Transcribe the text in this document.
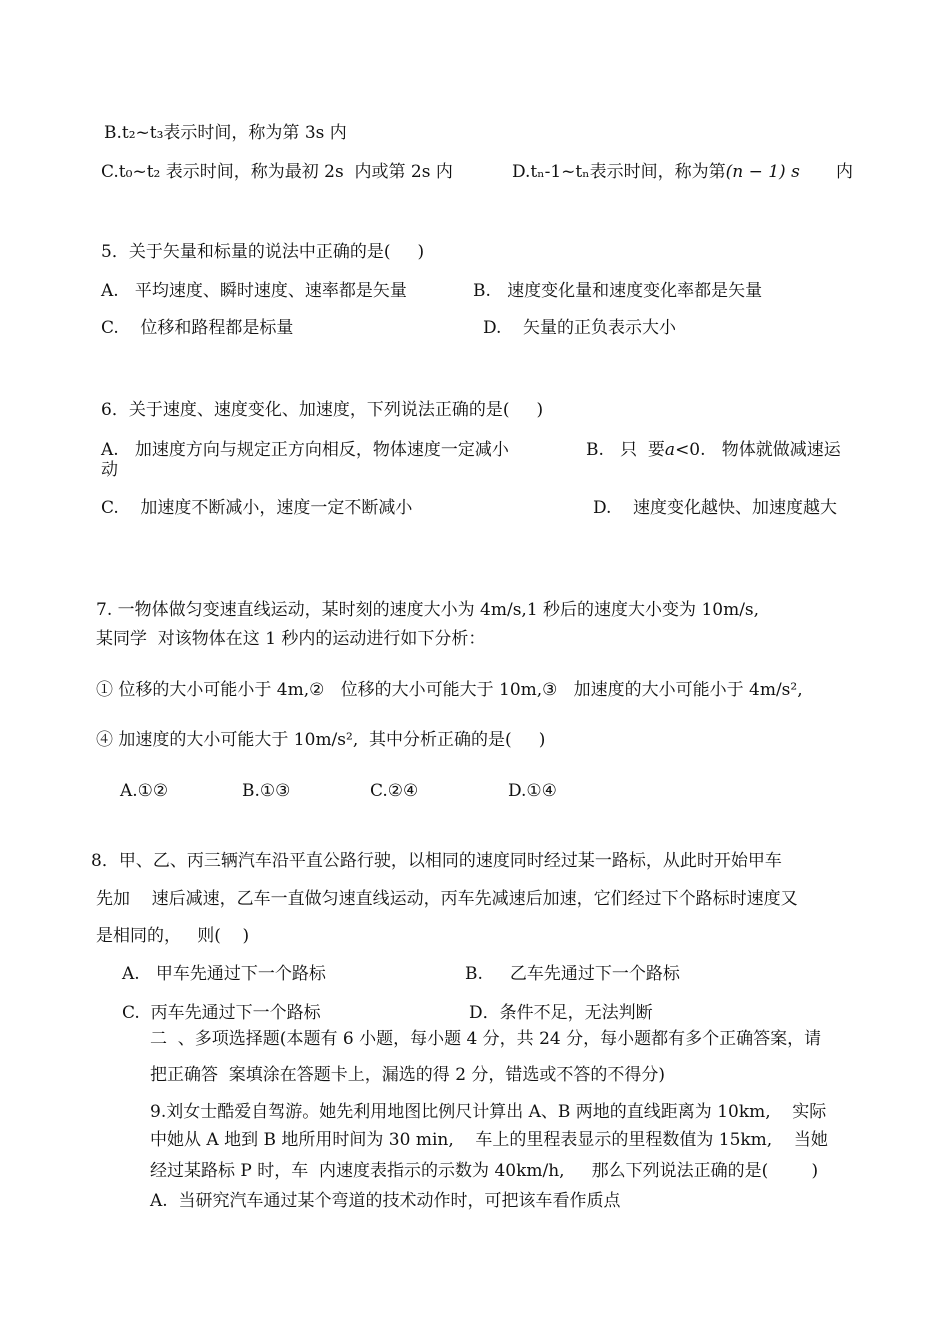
B.t₂~t₃表示时间，称为第 3s 内
C.t₀~t₂ 表示时间，称为最初 2s  内或第 2s 内	D.tₙ-1~tₙ表示时间，称为第(n − 1) s 内
5．关于矢量和标量的说法中正确的是(     )
A.   平均速度、瞬时速度、速率都是矢量	B.   速度变化量和速度变化率都是矢量
C.    位移和路程都是标量	D.    矢量的正负表示大小
6．关于速度、速度变化、加速度，下列说法正确的是(     )
A.   加速度方向与规定正方向相反，物体速度一定减小	B.   只  要a<0.   物体就做减速运
动
C.    加速度不断减小，速度一定不断减小	D.    速度变化越快、加速度越大
7. 一物体做匀变速直线运动，某时刻的速度大小为 4m/s,1 秒后的速度大小变为 10m/s,
某同学  对该物体在这 1 秒内的运动进行如下分析：
① 位移的大小可能小于 4m,②   位移的大小可能大于 10m,③   加速度的大小可能小于 4m/s²,
④ 加速度的大小可能大于 10m/s²,  其中分析正确的是(     )
A.①②	B.①③	C.②④	D.①④
8．甲、乙、丙三辆汽车沿平直公路行驶，以相同的速度同时经过某一路标，从此时开始甲车
先加    速后减速，乙车一直做匀速直线运动，丙车先减速后加速，它们经过下个路标时速度又
是相同的，   则(    )
A.   甲车先通过下一个路标	B.     乙车先通过下一个路标
C.  丙车先通过下一个路标	D．条件不足，无法判断
二  、多项选择题(本题有 6 小题，每小题 4 分，共 24 分，每小题都有多个正确答案，请
把正确答  案填涂在答题卡上，漏选的得 2 分，错选或不答的不得分)
9.刘女士酷爱自驾游。她先利用地图比例尺计算出 A、B 两地的直线距离为 10km,    实际
中她从 A 地到 B 地所用时间为 30 min,    车上的里程表显示的里程数值为 15km,    当她
经过某路标 P 时，车  内速度表指示的示数为 40km/h,     那么下列说法正确的是(        )
A.  当研究汽车通过某个弯道的技术动作时，可把该车看作质点
